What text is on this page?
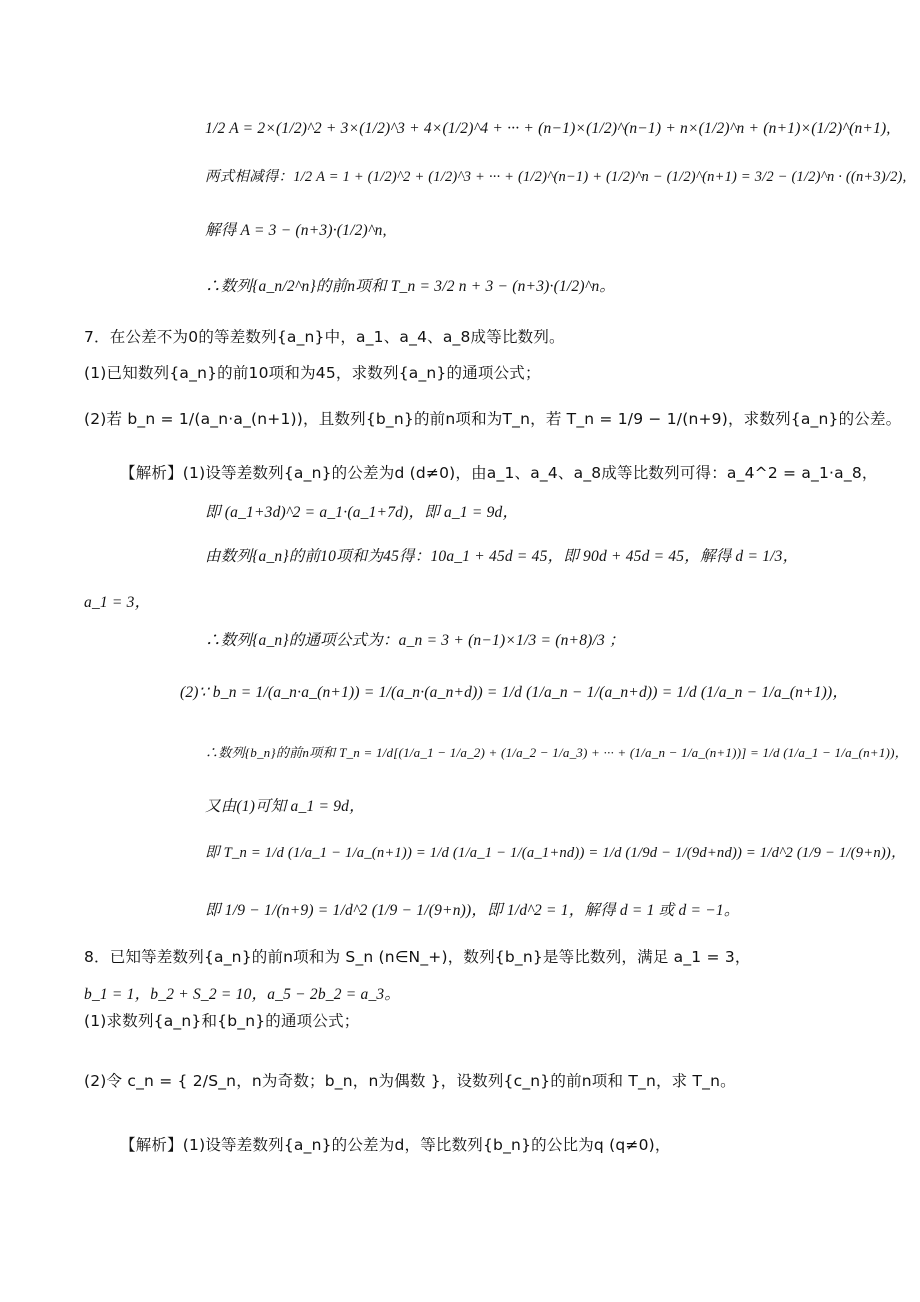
1/2 A = 2×(1/2)^2 + 3×(1/2)^3 + 4×(1/2)^4 + ··· + (n−1)×(1/2)^(n−1) + n×(1/2)^n + (n+1)×(1/2)^(n+1),
两式相减得：1/2 A = 1 + (1/2)^2 + (1/2)^3 + ··· + (1/2)^(n−1) + (1/2)^n − (1/2)^(n+1) = 3/2 − (1/2)^n · ((n+3)/2),
解得 A = 3 − (n+3)·(1/2)^n,
∴数列{a_n/2^n}的前n项和 T_n = 3/2 n + 3 − (n+3)·(1/2)^n。
7．在公差不为0的等差数列{a_n}中，a_1、a_4、a_8成等比数列。
(1)已知数列{a_n}的前10项和为45，求数列{a_n}的通项公式；
(2)若 b_n = 1/(a_n·a_(n+1))，且数列{b_n}的前n项和为T_n，若 T_n = 1/9 − 1/(n+9)，求数列{a_n}的公差。
【解析】(1)设等差数列{a_n}的公差为d (d≠0)，由a_1、a_4、a_8成等比数列可得：a_4^2 = a_1·a_8，
即 (a_1+3d)^2 = a_1·(a_1+7d)，即 a_1 = 9d，
由数列{a_n}的前10项和为45得：10a_1 + 45d = 45，即 90d + 45d = 45，解得 d = 1/3，
a_1 = 3，
∴数列{a_n}的通项公式为：a_n = 3 + (n−1)×1/3 = (n+8)/3 ；
(2)∵ b_n = 1/(a_n·a_(n+1)) = 1/(a_n·(a_n+d)) = 1/d (1/a_n − 1/(a_n+d)) = 1/d (1/a_n − 1/a_(n+1))，
∴数列{b_n}的前n项和 T_n = 1/d[(1/a_1 − 1/a_2) + (1/a_2 − 1/a_3) + ··· + (1/a_n − 1/a_(n+1))] = 1/d (1/a_1 − 1/a_(n+1))，
又由(1)可知 a_1 = 9d，
即 T_n = 1/d (1/a_1 − 1/a_(n+1)) = 1/d (1/a_1 − 1/(a_1+nd)) = 1/d (1/9d − 1/(9d+nd)) = 1/d^2 (1/9 − 1/(9+n))，
即 1/9 − 1/(n+9) = 1/d^2 (1/9 − 1/(9+n))，即 1/d^2 = 1，解得 d = 1 或 d = −1。
8．已知等差数列{a_n}的前n项和为 S_n (n∈N_+)，数列{b_n}是等比数列，满足 a_1 = 3，
b_1 = 1，b_2 + S_2 = 10，a_5 − 2b_2 = a_3。
(1)求数列{a_n}和{b_n}的通项公式；
(2)令 c_n = { 2/S_n，n为奇数；b_n，n为偶数 }，设数列{c_n}的前n项和 T_n，求 T_n。
【解析】(1)设等差数列{a_n}的公差为d，等比数列{b_n}的公比为q (q≠0)，
